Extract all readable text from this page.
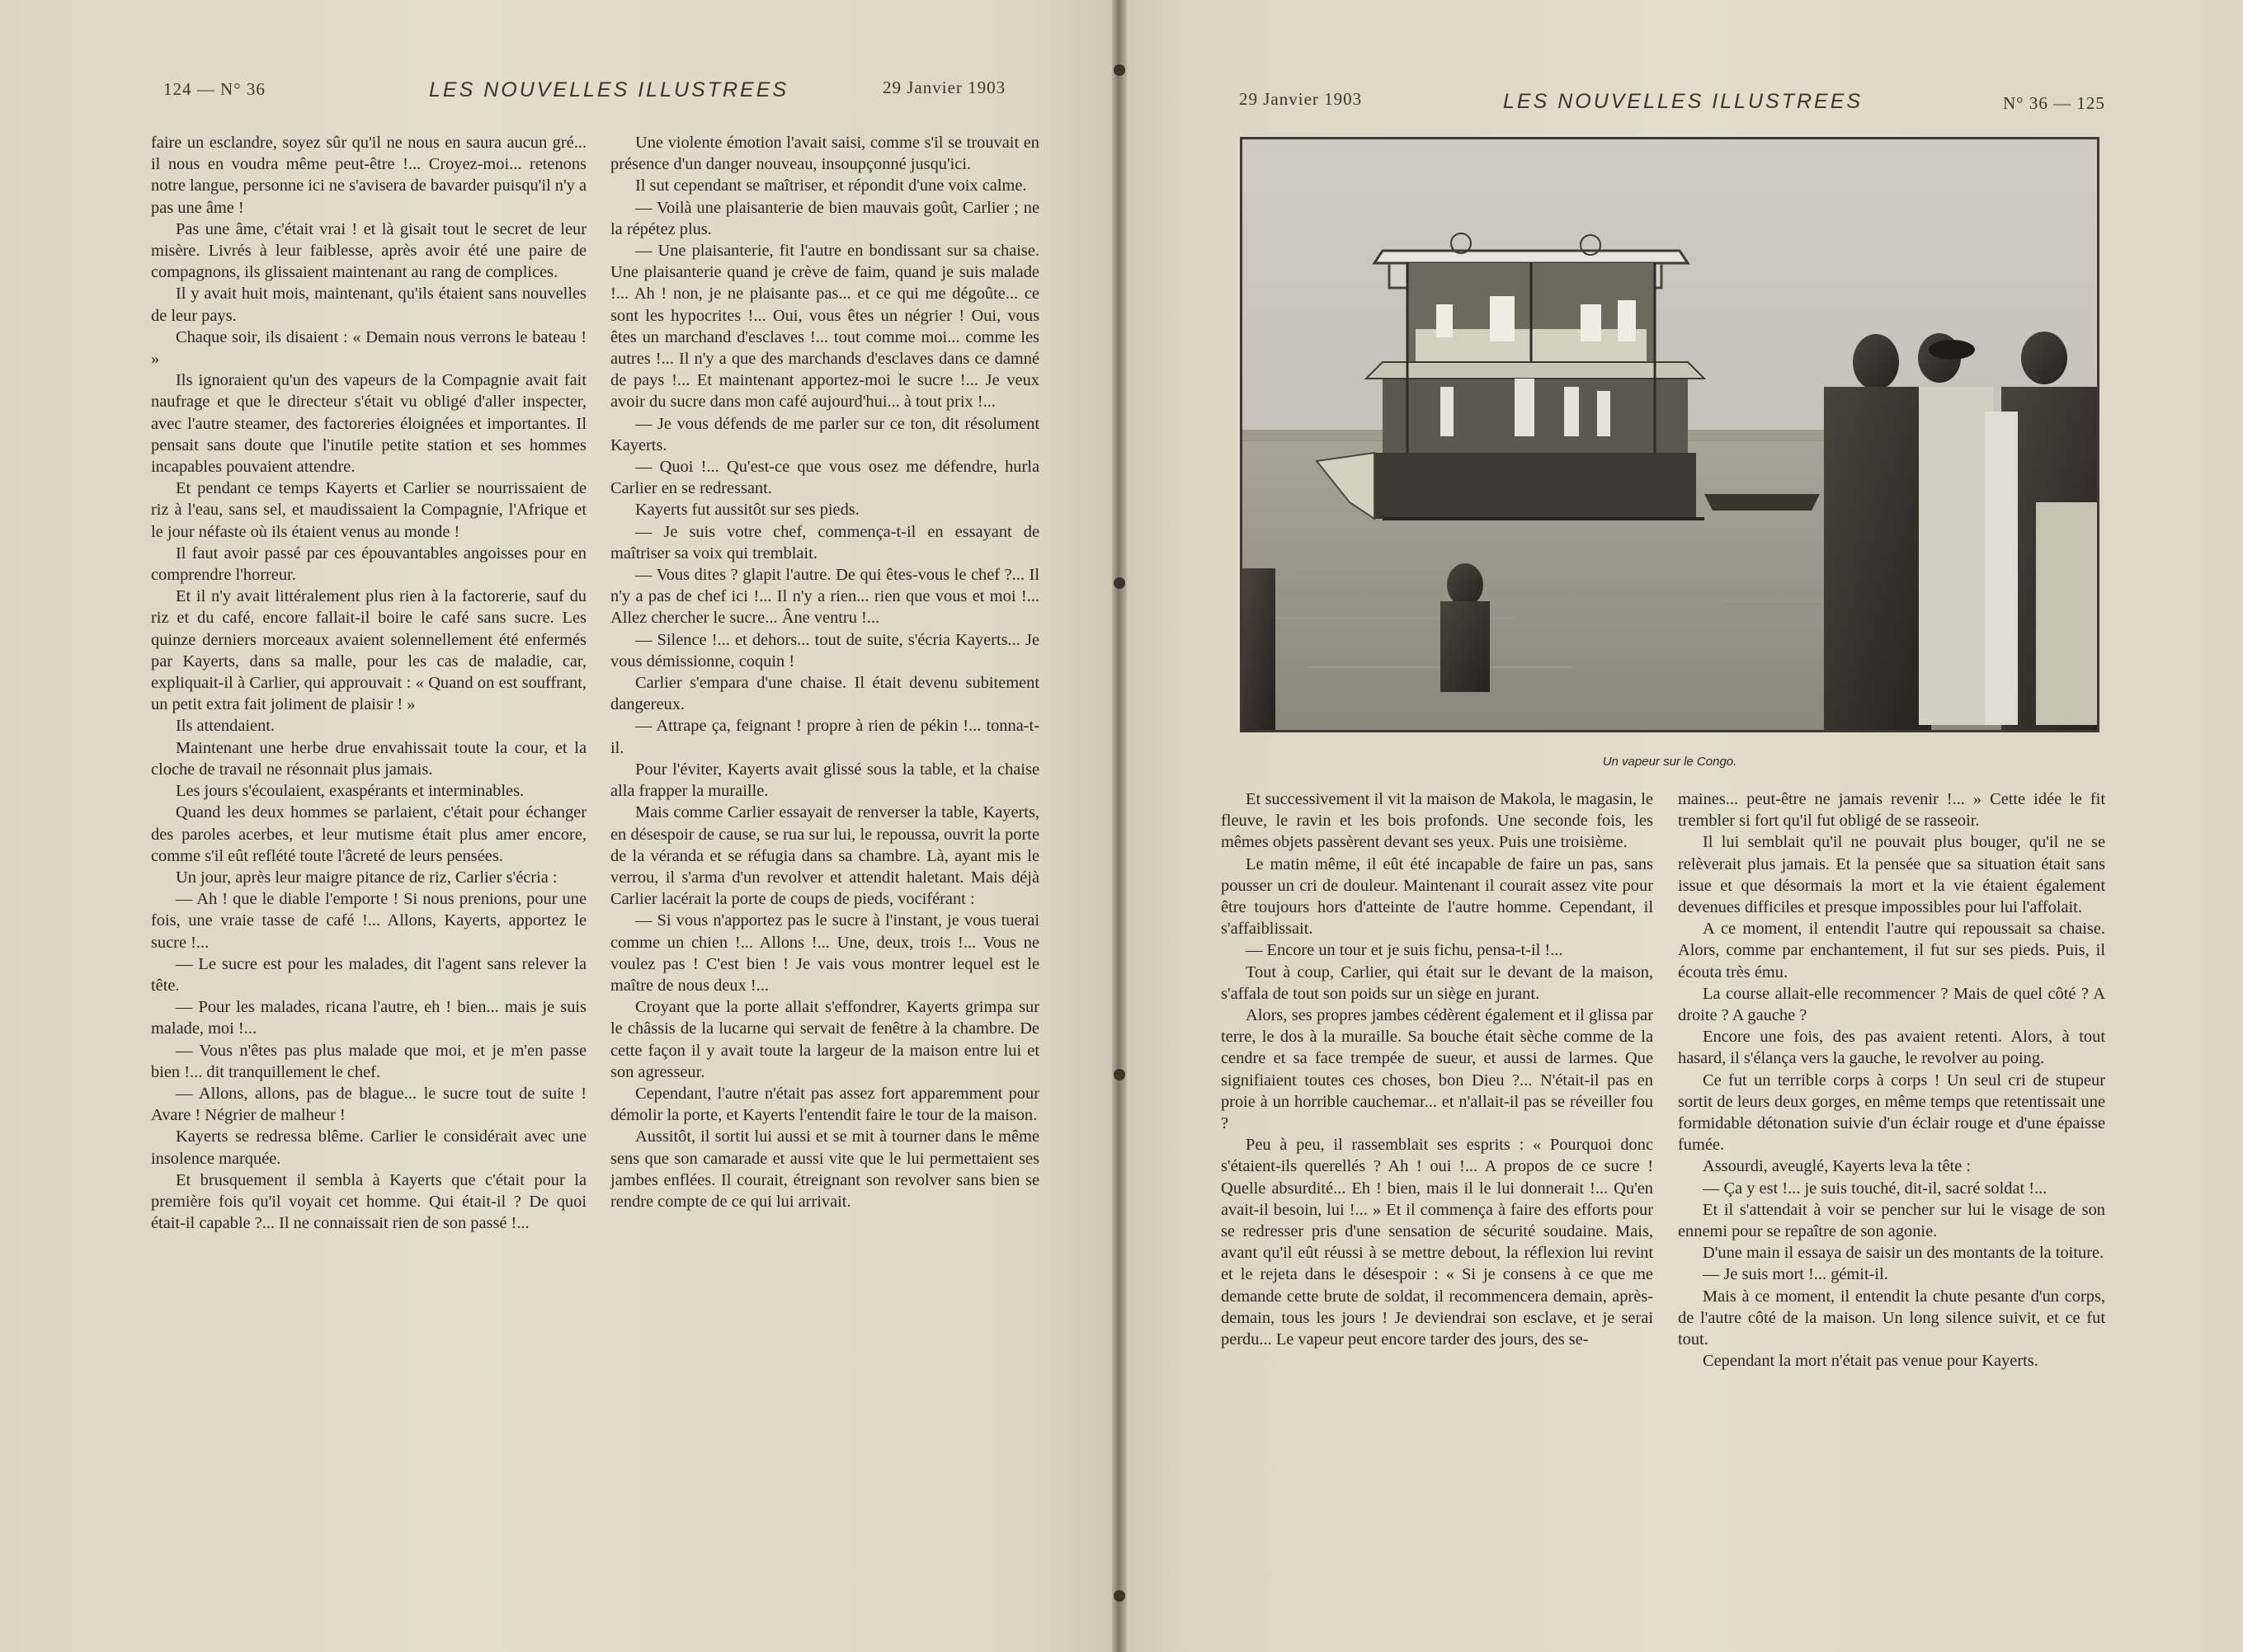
124 — N° 36	LES NOUVELLES ILLUSTREES	29 Janvier 1903
29 Janvier 1903	LES NOUVELLES ILLUSTREES	N° 36 — 125

faire un esclandre, soyez sûr qu'il ne nous en saura aucun gré... il nous en voudra même peut-être !... Croyez-moi... retenons notre langue, personne ici ne s'avisera de bavarder puisqu'il n'y a pas une âme !

Pas une âme, c'était vrai ! et là gisait tout le secret de leur misère. Livrés à leur faiblesse, après avoir été une paire de compagnons, ils glissaient maintenant au rang de complices.

Il y avait huit mois, maintenant, qu'ils étaient sans nouvelles de leur pays.

Chaque soir, ils disaient : « Demain nous verrons le bateau ! »

Ils ignoraient qu'un des vapeurs de la Compagnie avait fait naufrage et que le directeur s'était vu obligé d'aller inspecter, avec l'autre steamer, des factoreries éloignées et importantes. Il pensait sans doute que l'inutile petite station et ses hommes incapables pouvaient attendre.

Et pendant ce temps Kayerts et Carlier se nourrissaient de riz à l'eau, sans sel, et maudissaient la Compagnie, l'Afrique et le jour néfaste où ils étaient venus au monde !

Il faut avoir passé par ces épouvantables angoisses pour en comprendre l'horreur.

Et il n'y avait littéralement plus rien à la factorerie, sauf du riz et du café, encore fallait-il boire le café sans sucre. Les quinze derniers morceaux avaient solennellement été enfermés par Kayerts, dans sa malle, pour les cas de maladie, car, expliquait-il à Carlier, qui approuvait : « Quand on est souffrant, un petit extra fait joliment de plaisir ! »

Ils attendaient.

Maintenant une herbe drue envahissait toute la cour, et la cloche de travail ne résonnait plus jamais.

Les jours s'écoulaient, exaspérants et interminables.

Quand les deux hommes se parlaient, c'était pour échanger des paroles acerbes, et leur mutisme était plus amer encore, comme s'il eût reflété toute l'âcreté de leurs pensées.

Un jour, après leur maigre pitance de riz, Carlier s'écria :

— Ah ! que le diable l'emporte ! Si nous prenions, pour une fois, une vraie tasse de café !... Allons, Kayerts, apportez le sucre !...

— Le sucre est pour les malades, dit l'agent sans relever la tête.

— Pour les malades, ricana l'autre, eh ! bien... mais je suis malade, moi !...

— Vous n'êtes pas plus malade que moi, et je m'en passe bien !... dit tranquillement le chef.

— Allons, allons, pas de blague... le sucre tout de suite ! Avare ! Négrier de malheur !

Kayerts se redressa blême. Carlier le considérait avec une insolence marquée.

Et brusquement il sembla à Kayerts que c'était pour la première fois qu'il voyait cet homme. Qui était-il ? De quoi était-il capable ?... Il ne connaissait rien de son passé !...

Une violente émotion l'avait saisi, comme s'il se trouvait en présence d'un danger nouveau, insoupçonné jusqu'ici.

Il sut cependant se maîtriser, et répondit d'une voix calme.

— Voilà une plaisanterie de bien mauvais goût, Carlier ; ne la répétez plus.

— Une plaisanterie, fit l'autre en bondissant sur sa chaise. Une plaisanterie quand je crève de faim, quand je suis malade !... Ah ! non, je ne plaisante pas... et ce qui me dégoûte... ce sont les hypocrites !... Oui, vous êtes un négrier ! Oui, vous êtes un marchand d'esclaves !... tout comme moi... comme les autres !... Il n'y a que des marchands d'esclaves dans ce damné de pays !... Et maintenant apportez-moi le sucre !... Je veux avoir du sucre dans mon café aujourd'hui... à tout prix !...

— Je vous défends de me parler sur ce ton, dit résolument Kayerts.

— Quoi !... Qu'est-ce que vous osez me défendre, hurla Carlier en se redressant.

Kayerts fut aussitôt sur ses pieds.

— Je suis votre chef, commença-t-il en essayant de maîtriser sa voix qui tremblait.

— Vous dites ? glapit l'autre. De qui êtes-vous le chef ?... Il n'y a pas de chef ici !... Il n'y a rien... rien que vous et moi !... Allez chercher le sucre... Âne ventru !...

— Silence !... et dehors... tout de suite, s'écria Kayerts... Je vous démissionne, coquin !

Carlier s'empara d'une chaise. Il était devenu subitement dangereux.

— Attrape ça, feignant ! propre à rien de pékin !... tonna-t-il.

Pour l'éviter, Kayerts avait glissé sous la table, et la chaise alla frapper la muraille.

Mais comme Carlier essayait de renverser la table, Kayerts, en désespoir de cause, se rua sur lui, le repoussa, ouvrit la porte de la véranda et se réfugia dans sa chambre. Là, ayant mis le verrou, il s'arma d'un revolver et attendit haletant. Mais déjà Carlier lacérait la porte de coups de pieds, vociférant :

— Si vous n'apportez pas le sucre à l'instant, je vous tuerai comme un chien !... Allons !... Une, deux, trois !... Vous ne voulez pas ! C'est bien ! Je vais vous montrer lequel est le maître de nous deux !...

Croyant que la porte allait s'effondrer, Kayerts grimpa sur le châssis de la lucarne qui servait de fenêtre à la chambre. De cette façon il y avait toute la largeur de la maison entre lui et son agresseur.

Cependant, l'autre n'était pas assez fort apparemment pour démolir la porte, et Kayerts l'entendit faire le tour de la maison.

Aussitôt, il sortit lui aussi et se mit à tourner dans le même sens que son camarade et aussi vite que le lui permettaient ses jambes enflées. Il courait, étreignant son revolver sans bien se rendre compte de ce qui lui arrivait.

Et successivement il vit la maison de Makola, le magasin, le fleuve, le ravin et les bois profonds. Une seconde fois, les mêmes objets passèrent devant ses yeux. Puis une troisième.

Le matin même, il eût été incapable de faire un pas, sans pousser un cri de douleur. Maintenant il courait assez vite pour être toujours hors d'atteinte de l'autre homme. Cependant, il s'affaiblissait.

— Encore un tour et je suis fichu, pensa-t-il !...

Tout à coup, Carlier, qui était sur le devant de la maison, s'affala de tout son poids sur un siège en jurant.

Alors, ses propres jambes cédèrent également et il glissa par terre, le dos à la muraille. Sa bouche était sèche comme de la cendre et sa face trempée de sueur, et aussi de larmes. Que signifiaient toutes ces choses, bon Dieu ?... N'était-il pas en proie à un horrible cauchemar... et n'allait-il pas se réveiller fou ?

Peu à peu, il rassemblait ses esprits : « Pourquoi donc s'étaient-ils querellés ? Ah ! oui !... A propos de ce sucre ! Quelle absurdité... Eh ! bien, mais il le lui donnerait !... Qu'en avait-il besoin, lui !... » Et il commença à faire des efforts pour se redresser pris d'une sensation de sécurité soudaine. Mais, avant qu'il eût réussi à se mettre debout, la réflexion lui revint et le rejeta dans le désespoir : « Si je consens à ce que me demande cette brute de soldat, il recommencera demain, après-demain, tous les jours ! Je deviendrai son esclave, et je serai perdu... Le vapeur peut encore tarder des jours, des se-

maines... peut-être ne jamais revenir !... » Cette idée le fit trembler si fort qu'il fut obligé de se rasseoir.

Il lui semblait qu'il ne pouvait plus bouger, qu'il ne se relèverait plus jamais. Et la pensée que sa situation était sans issue et que désormais la mort et la vie étaient également devenues difficiles et presque impossibles pour lui l'affolait.

A ce moment, il entendit l'autre qui repoussait sa chaise. Alors, comme par enchantement, il fut sur ses pieds. Puis, il écouta très ému.

La course allait-elle recommencer ? Mais de quel côté ? A droite ? A gauche ?

Encore une fois, des pas avaient retenti. Alors, à tout hasard, il s'élança vers la gauche, le revolver au poing.

Ce fut un terrible corps à corps ! Un seul cri de stupeur sortit de leurs deux gorges, en même temps que retentissait une formidable détonation suivie d'un éclair rouge et d'une épaisse fumée.

Assourdi, aveuglé, Kayerts leva la tête :

— Ça y est !... je suis touché, dit-il, sacré soldat !...

Et il s'attendait à voir se pencher sur lui le visage de son ennemi pour se repaître de son agonie.

D'une main il essaya de saisir un des montants de la toiture.

— Je suis mort !... gémit-il.

Mais à ce moment, il entendit la chute pesante d'un corps, de l'autre côté de la maison. Un long silence suivit, et ce fut tout.

Cependant la mort n'était pas venue pour Kayerts.

Un vapeur sur le Congo.
